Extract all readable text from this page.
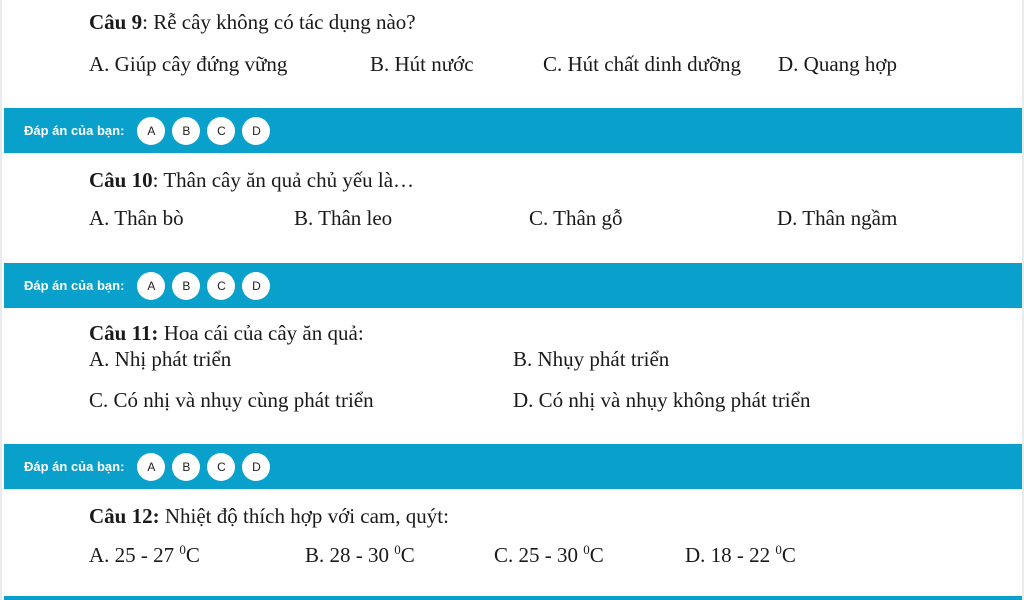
Câu 9: Rễ cây không có tác dụng nào?
A. Giúp cây đứng vững	B. Hút nước	C. Hút chất dinh dưỡng D. Quang hợp
Đáp án của bạn:	A	B	C	D
Câu 10: Thân cây ăn quả chủ yếu là…
A. Thân bò	B. Thân leo	C. Thân gỗ	D. Thân ngầm
Đáp án của bạn:	A	B	C	D
Câu 11: Hoa cái của cây ăn quả:
A. Nhị phát triển	B. Nhụy phát triển
C. Có nhị và nhụy cùng phát triển	D. Có nhị và nhụy không phát triển
Đáp án của bạn:	A	B	C	D
Câu 12: Nhiệt độ thích hợp với cam, quýt:
A. 25 - 27 $^0$C	B. 28 - 30 $^0$C	C. 25 - 30 $^0$C	D. 18 - 22 $^0$C
